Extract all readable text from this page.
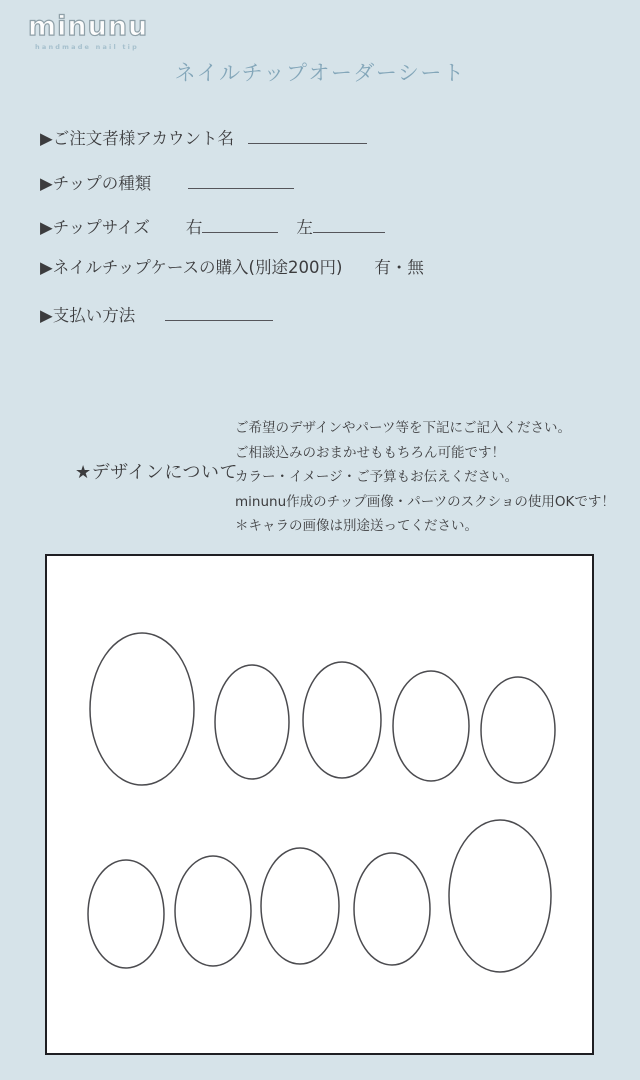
minunu
handmade nail tip
ネイルチップオーダーシート
▶ご注文者様アカウント名
▶チップの種類
▶チップサイズ 右	左
▶ネイルチップケースの購入(別途200円) 有・無
▶支払い方法
★デザインについて
ご希望のデザインやパーツ等を下記にご記入ください。
ご相談込みのおまかせももちろん可能です！
カラー・イメージ・ご予算もお伝えください。
minunu作成のチップ画像・パーツのスクショの使用OKです！
＊キャラの画像は別途送ってください。
